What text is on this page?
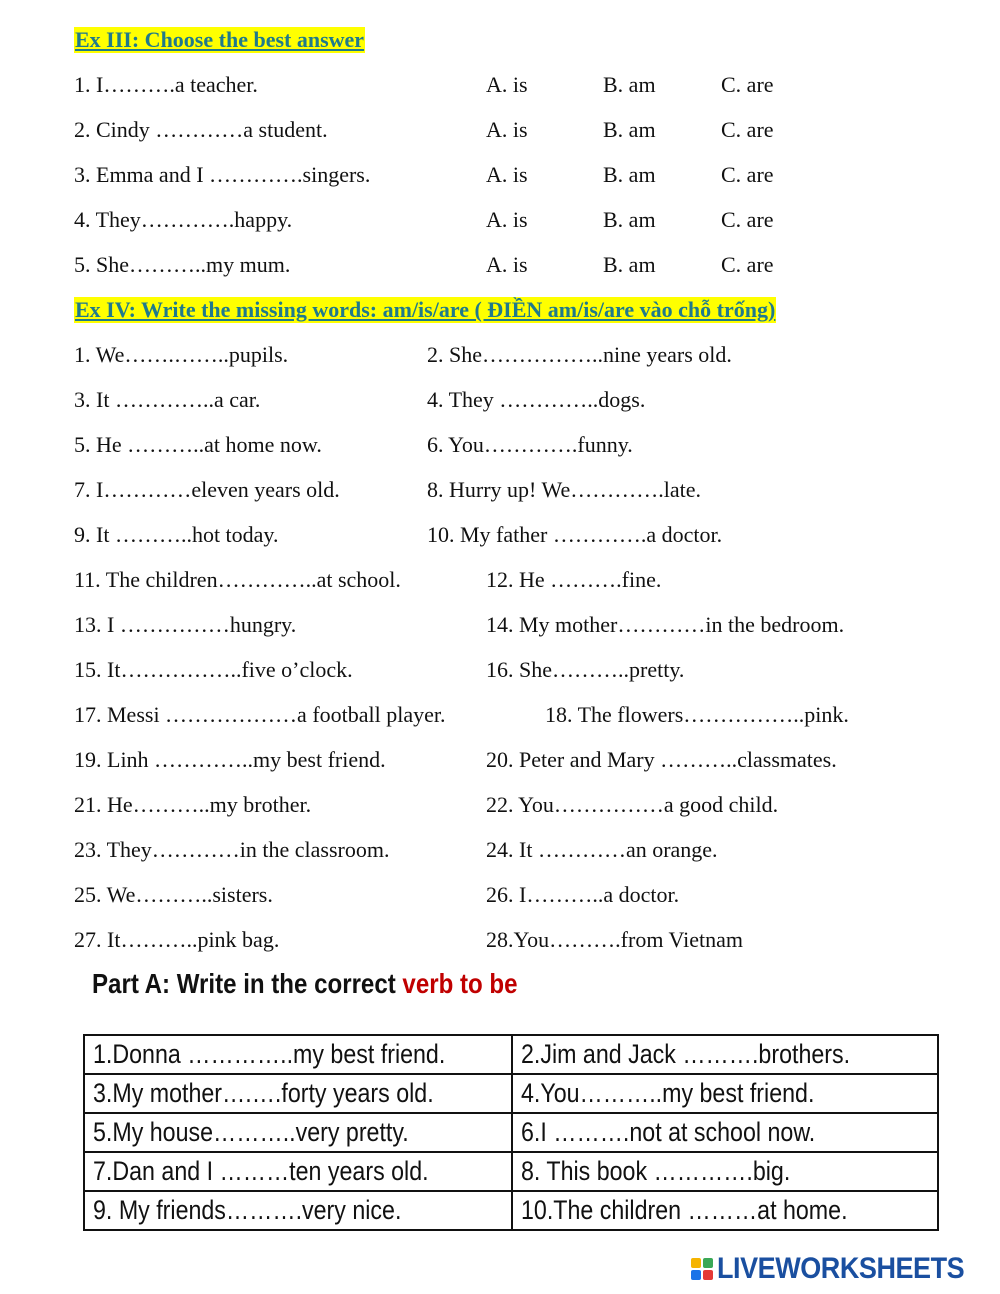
Ex III: Choose the best answer
1. I……….a teacher.	A. is	B. am	C. are
2. Cindy …………a student.	A. is	B. am	C. are
3. Emma and I ………….singers.	A. is	B. am	C. are
4. They………….happy.	A. is	B. am	C. are
5. She………..my mum.	A. is	B. am	C. are
Ex IV: Write the missing words: am/is/are ( ĐIỀN am/is/are vào chỗ trống)
1. We…….……..pupils.	2. She……………..nine years old.
3. It …………..a car.	4. They …………..dogs.
5. He ………..at home now.	6. You………….funny.
7. I…………eleven years old.	8. Hurry up! We………….late.
9. It ………..hot today.	10. My father ………….a doctor.
11. The children…………..at school.	12. He ……….fine.
13. I ……………hungry.	14. My mother…………in the bedroom.
15. It……………..five o’clock.	16. She………..pretty.
17. Messi ………………a football player.	18. The flowers……………..pink.
19. Linh …………..my best friend.	20. Peter and Mary ………..classmates.
21. He………..my brother.	22. You……………a good child.
23. They…………in the classroom.	24. It …………an orange.
25. We………..sisters.	26. I………..a doctor.
27. It………..pink bag.	28.You……….from Vietnam
Part A: Write in the correct verb to be
1.Donna …………..my best friend.	2.Jim and Jack ……….brothers.
3.My mother….….forty years old.	4.You………..my best friend.
5.My house………..very pretty.	6.I ……….not at school now.
7.Dan and I ………ten years old.	8. This book ………….big.
9. My friends……….very nice.	10.The children ………at home.
LIVEWORKSHEETS
